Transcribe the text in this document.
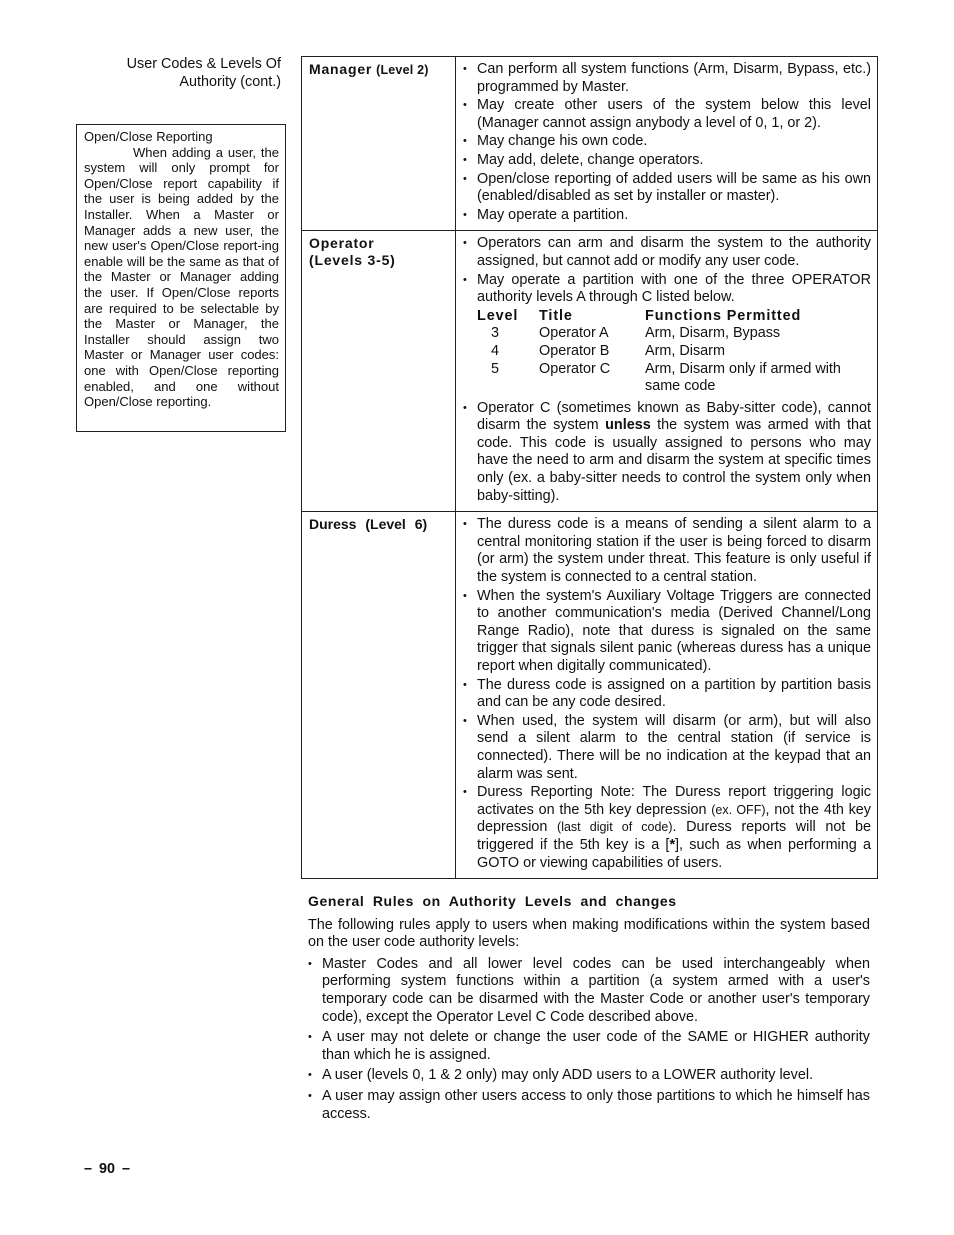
User Codes & Levels Of
Authority (cont.)
Open/Close Reporting
When adding a user, the system will only prompt for Open/Close report capability if the user is being added by the Installer. When a Master or Manager adds a new user, the new user's Open/Close report-ing enable will be the same as that of the Master or Manager adding the user. If Open/Close reports are required to be selectable by the Master or Manager, the Installer should assign two Master or Manager user codes: one with Open/Close reporting enabled, and one without Open/Close reporting.
Manager (Level 2)	
•Can perform all system functions (Arm, Disarm, Bypass, etc.) programmed by Master.
• May create other users of the system below this level (Manager cannot assign anybody a level of 0, 1, or 2).
• May change his own code.
• May add, delete, change operators.
• Open/close reporting of added users will be same as his own (enabled/disabled as set by installer or master).
• May operate a partition.

Operator
(Levels 3-5)

• Operators can arm and disarm the system to the authority assigned, but cannot add or modify any user code.
• May operate a partition with one of the three OPERATOR authority levels A through C listed below.
Level	Title	Functions Permitted
3	Operator A	Arm, Disarm, Bypass
4	Operator B	Arm, Disarm
5	Operator C	Arm, Disarm only if armed with same code
• Operator C (sometimes known as Baby-sitter code), cannot disarm the system unless the system was armed with that code. This code is usually assigned to persons who may have the need to arm and disarm the system at specific times only (ex. a baby-sitter needs to control the system only when baby-sitting).

Duress (Level 6)

•The duress code is a means of sending a silent alarm to a central monitoring station if the user is being forced to disarm (or arm) the system under threat. This feature is only useful if the system is connected to a central station.
• When the system's Auxiliary Voltage Triggers are connected to another communication's media (Derived Channel/Long Range Radio), note that duress is signaled on the same trigger that signals silent panic (whereas duress has a unique report when digitally communicated).
• The duress code is assigned on a partition by partition basis and can be any code desired.
• When used, the system will disarm (or arm), but will also send a silent alarm to the central station (if service is connected). There will be no indication at the keypad that an alarm was sent.
• Duress Reporting Note: The Duress report triggering logic activates on the 5th key depression (ex. OFF), not the 4th key depression (last digit of code). Duress reports will not be triggered if the 5th key is a [*], such as when performing a GOTO or viewing capabilities of users.
General Rules on Authority Levels and changes
The following rules apply to users when making modifications within the system based on the user code authority levels:
• Master Codes and all lower level codes can be used interchangeably when performing system functions within a partition (a system armed with a user's temporary code can be disarmed with the Master Code or another user's temporary code), except the Operator Level C Code described above.
• A user may not delete or change the user code of the SAME or HIGHER authority than which he is assigned.
• A user (levels 0, 1 & 2 only) may only ADD users to a LOWER authority level.
• A user may assign other users access to only those partitions to which he himself has access.
– 90 –
